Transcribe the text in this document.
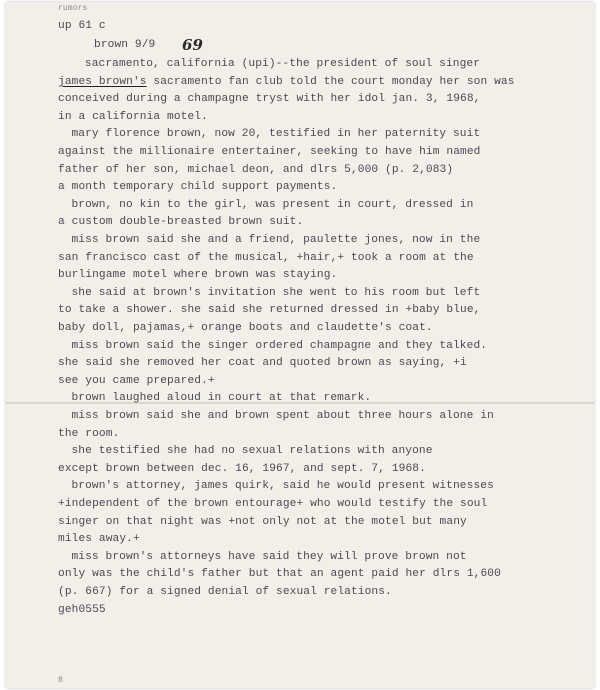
rumors
up 61 c
brown 9/9 69
sacramento, california (upi)--the president of soul singer
james brown's sacramento fan club told the court monday her son was
conceived during a champagne tryst with her idol jan. 3, 1968,
in a california motel.
mary florence brown, now 20, testified in her paternity suit
against the millionaire entertainer, seeking to have him named
father of her son, michael deon, and dlrs 5,000 (p. 2,083)
a month temporary child support payments.
brown, no kin to the girl, was present in court, dressed in
a custom double-breasted brown suit.
miss brown said she and a friend, paulette jones, now in the
san francisco cast of the musical, +hair,+ took a room at the
burlingame motel where brown was staying.
she said at brown's invitation she went to his room but left
to take a shower. she said she returned dressed in +baby blue,
baby doll, pajamas,+ orange boots and claudette's coat.
miss brown said the singer ordered champagne and they talked.
she said she removed her coat and quoted brown as saying, +i
see you came prepared.+
brown laughed aloud in court at that remark.
miss brown said she and brown spent about three hours alone in
the room.
she testified she had no sexual relations with anyone
except brown between dec. 16, 1967, and sept. 7, 1968.
brown's attorney, james quirk, said he would present witnesses
+independent of the brown entourage+ who would testify the soul
singer on that night was +not only not at the motel but many
miles away.+
miss brown's attorneys have said they will prove brown not
only was the child's father but that an agent paid her dlrs 1,600
(p. 667) for a signed denial of sexual relations.
geh0555
8
